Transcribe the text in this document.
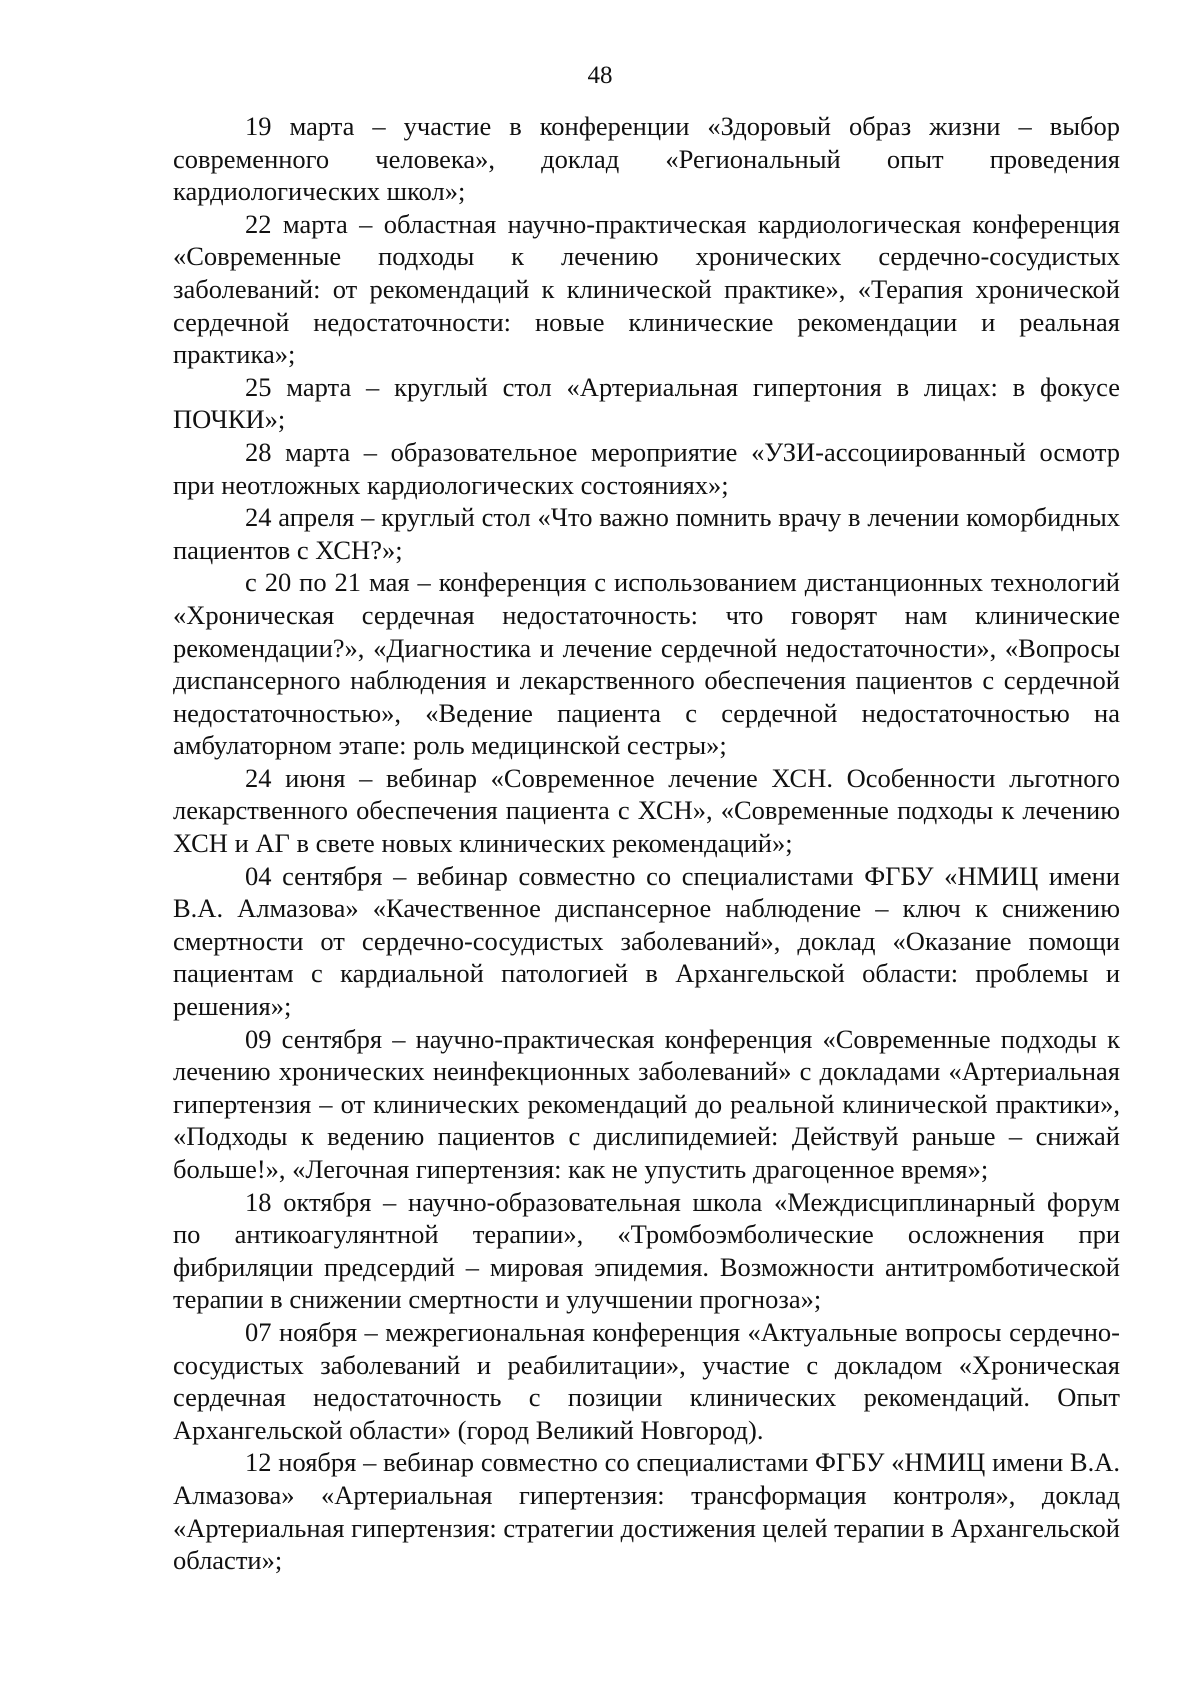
48

19 марта – участие в конференции «Здоровый образ жизни – выбор современного человека», доклад «Региональный опыт проведения кардиологических школ»;

22 марта – областная научно-практическая кардиологическая конференция «Современные подходы к лечению хронических сердечно-сосудистых заболеваний: от рекомендаций к клинической практике», «Терапия хронической сердечной недостаточности: новые клинические рекомендации и реальная практика»;

25 марта – круглый стол «Артериальная гипертония в лицах: в фокусе ПОЧКИ»;

28 марта – образовательное мероприятие «УЗИ-ассоциированный осмотр при неотложных кардиологических состояниях»;

24 апреля – круглый стол «Что важно помнить врачу в лечении коморбидных пациентов с ХСН?»;

с 20 по 21 мая – конференция с использованием дистанционных технологий «Хроническая сердечная недостаточность: что говорят нам клинические рекомендации?», «Диагностика и лечение сердечной недостаточности», «Вопросы диспансерного наблюдения и лекарственного обеспечения пациентов с сердечной недостаточностью», «Ведение пациента с сердечной недостаточностью на амбулаторном этапе: роль медицинской сестры»;

24 июня – вебинар «Современное лечение ХСН. Особенности льготного лекарственного обеспечения пациента с ХСН», «Современные подходы к лечению ХСН и АГ в свете новых клинических рекомендаций»;

04 сентября – вебинар совместно со специалистами ФГБУ «НМИЦ имени В.А. Алмазова» «Качественное диспансерное наблюдение – ключ к снижению смертности от сердечно-сосудистых заболеваний», доклад «Оказание помощи пациентам с кардиальной патологией в Архангельской области: проблемы и решения»;

09 сентября – научно-практическая конференция «Современные подходы к лечению хронических неинфекционных заболеваний» с докладами «Артериальная гипертензия – от клинических рекомендаций до реальной клинической практики», «Подходы к ведению пациентов с дислипидемией: Действуй раньше – снижай больше!», «Легочная гипертензия: как не упустить драгоценное время»;

18 октября – научно-образовательная школа «Междисциплинарный форум по антикоагулянтной терапии», «Тромбоэмболические осложнения при фибриляции предсердий – мировая эпидемия. Возможности антитромботической терапии в снижении смертности и улучшении прогноза»;

07 ноября – межрегиональная конференция «Актуальные вопросы сердечно-сосудистых заболеваний и реабилитации», участие с докладом «Хроническая сердечная недостаточность с позиции клинических рекомендаций. Опыт Архангельской области» (город Великий Новгород).

12 ноября – вебинар совместно со специалистами ФГБУ «НМИЦ имени В.А. Алмазова» «Артериальная гипертензия: трансформация контроля», доклад «Артериальная гипертензия: стратегии достижения целей терапии в Архангельской области»;
